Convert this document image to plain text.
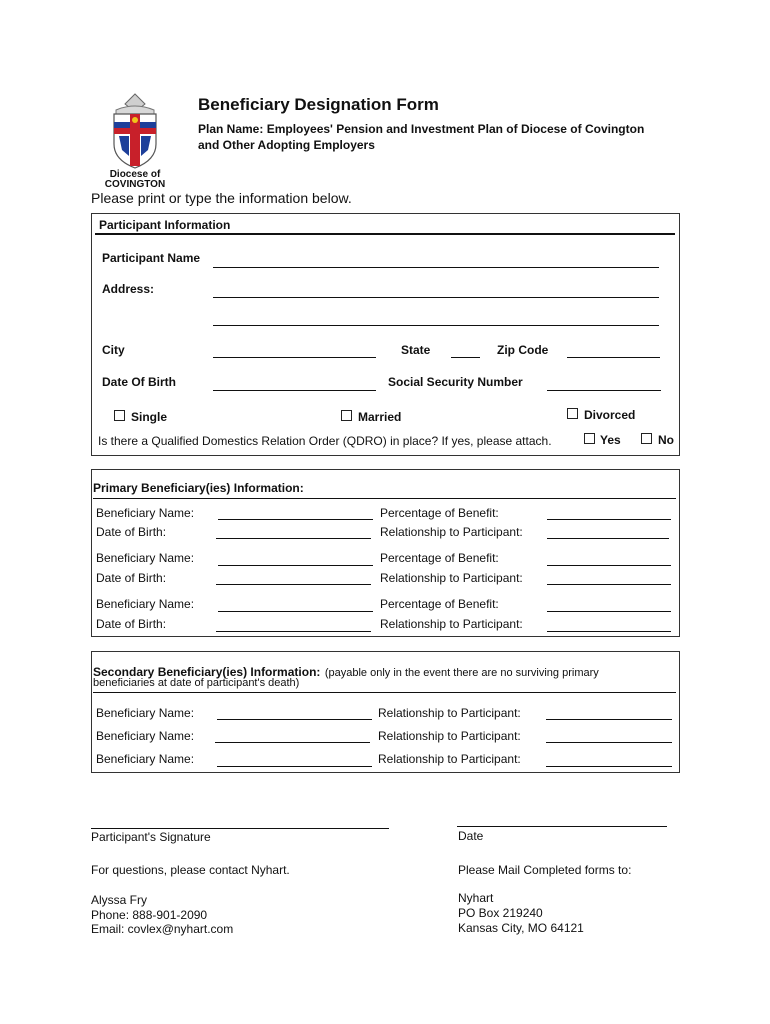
Diocese of
COVINGTON
Beneficiary Designation Form
Plan Name: Employees' Pension and Investment Plan of Diocese of Covington
and Other Adopting Employers
Please print or type the information below.
Participant Information
Participant Name
Address:
City	State	Zip Code
Date Of Birth	Social Security Number
Single	Married	Divorced
Is there a Qualified Domestics Relation Order (QDRO) in place? If yes, please attach.	Yes	No
Primary Beneficiary(ies) Information:
Beneficiary Name:	Percentage of Benefit:
Date of Birth:	Relationship to Participant:
Beneficiary Name:	Percentage of Benefit:
Date of Birth:	Relationship to Participant:
Beneficiary Name:	Percentage of Benefit:
Date of Birth:	Relationship to Participant:
Secondary Beneficiary(ies) Information: (payable only in the event there are no surviving primary
beneficiaries at date of participant's death)
Beneficiary Name:	Relationship to Participant:
Beneficiary Name:	Relationship to Participant:
Beneficiary Name:	Relationship to Participant:
Participant's Signature	Date
For questions, please contact Nyhart.	Please Mail Completed forms to:
Alyssa Fry
Phone: 888-901-2090
Email: covlex@nyhart.com
Nyhart
PO Box 219240
Kansas City, MO 64121
